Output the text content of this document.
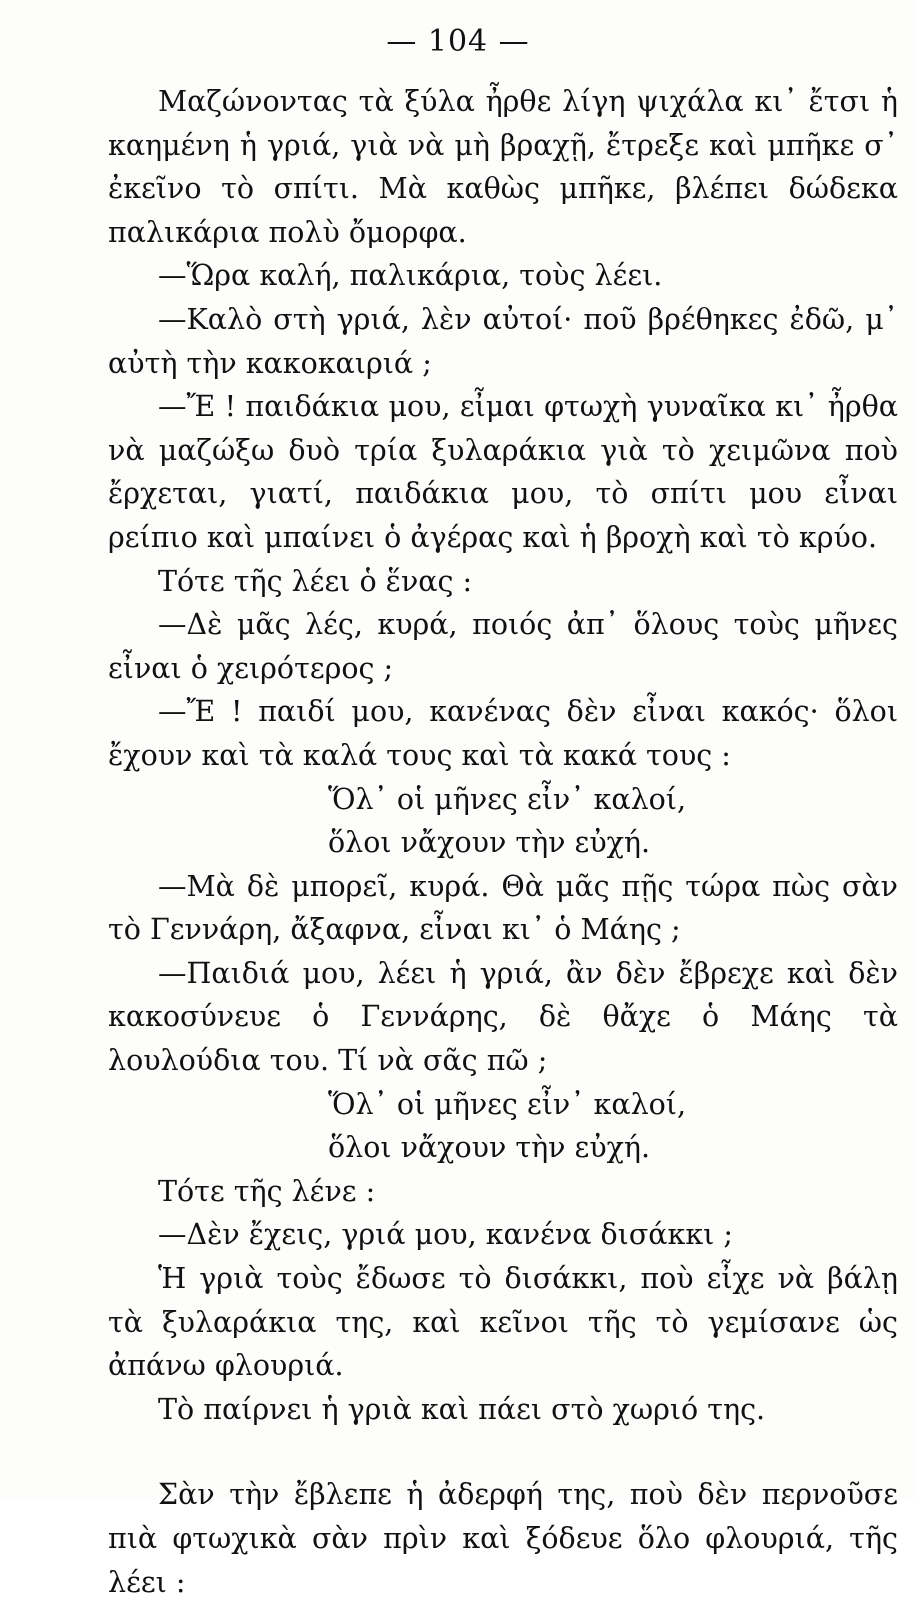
— 104 —

Μαζώνοντας τὰ ξύλα ἦρθε λίγη ψιχάλα κι᾽ ἔτσι ἡ καημένη ἡ γριά, γιὰ νὰ μὴ βραχῇ, ἔτρεξε καὶ μπῆκε σ᾽ ἐκεῖνο τὸ σπίτι. Μὰ καθὼς μπῆκε, βλέπει δώδεκα παλικάρια πολὺ ὄμορφα.

—Ὥρα καλή, παλικάρια, τοὺς λέει.

—Καλὸ στὴ γριά, λὲν αὐτοί· ποῦ βρέθηκες ἐδῶ, μ᾽ αὐτὴ τὴν κακοκαιριά ;

—Ἔ ! παιδάκια μου, εἶμαι φτωχὴ γυναῖκα κι᾽ ἦρθα νὰ μαζώξω δυὸ τρία ξυλαράκια γιὰ τὸ χειμῶνα ποὺ ἔρχεται, γιατί, παιδάκια μου, τὸ σπίτι μου εἶναι ρείπιο καὶ μπαίνει ὁ ἀγέρας καὶ ἡ βροχὴ καὶ τὸ κρύο.

Τότε τῆς λέει ὁ ἕνας :

—Δὲ μᾶς λές, κυρά, ποιός ἀπ᾽ ὅλους τοὺς μῆνες εἶναι ὁ χειρότερος ;

—Ἔ ! παιδί μου, κανένας δὲν εἶναι κακός· ὅλοι ἔχουν καὶ τὰ καλά τους καὶ τὰ κακά τους :

Ὅλ᾽ οἱ μῆνες εἶν᾽ καλοί,
ὅλοι νἄχουν τὴν εὐχή.

—Μὰ δὲ μπορεῖ, κυρά. Θὰ μᾶς πῇς τώρα πὼς σὰν τὸ Γεννάρη, ἄξαφνα, εἶναι κι᾽ ὁ Μάης ;

—Παιδιά μου, λέει ἡ γριά, ἂν δὲν ἔβρεχε καὶ δὲν κακοσύνευε ὁ Γεννάρης, δὲ θἄχε ὁ Μάης τὰ λουλούδια του. Τί νὰ σᾶς πῶ ;

Ὅλ᾽ οἱ μῆνες εἶν᾽ καλοί,
ὅλοι νἄχουν τὴν εὐχή.

Τότε τῆς λένε :

—Δὲν ἔχεις, γριά μου, κανένα δισάκκι ;

Ἡ γριὰ τοὺς ἔδωσε τὸ δισάκκι, ποὺ εἶχε νὰ βάλῃ τὰ ξυλαράκια της, καὶ κεῖνοι τῆς τὸ γεμίσανε ὡς ἀπάνω φλουριά.

Τὸ παίρνει ἡ γριὰ καὶ πάει στὸ χωριό της.

Σὰν τὴν ἔβλεπε ἡ ἀδερφή της, ποὺ δὲν περνοῦσε πιὰ φτωχικὰ σὰν πρὶν καὶ ξόδευε ὅλο φλουριά, τῆς λέει :
